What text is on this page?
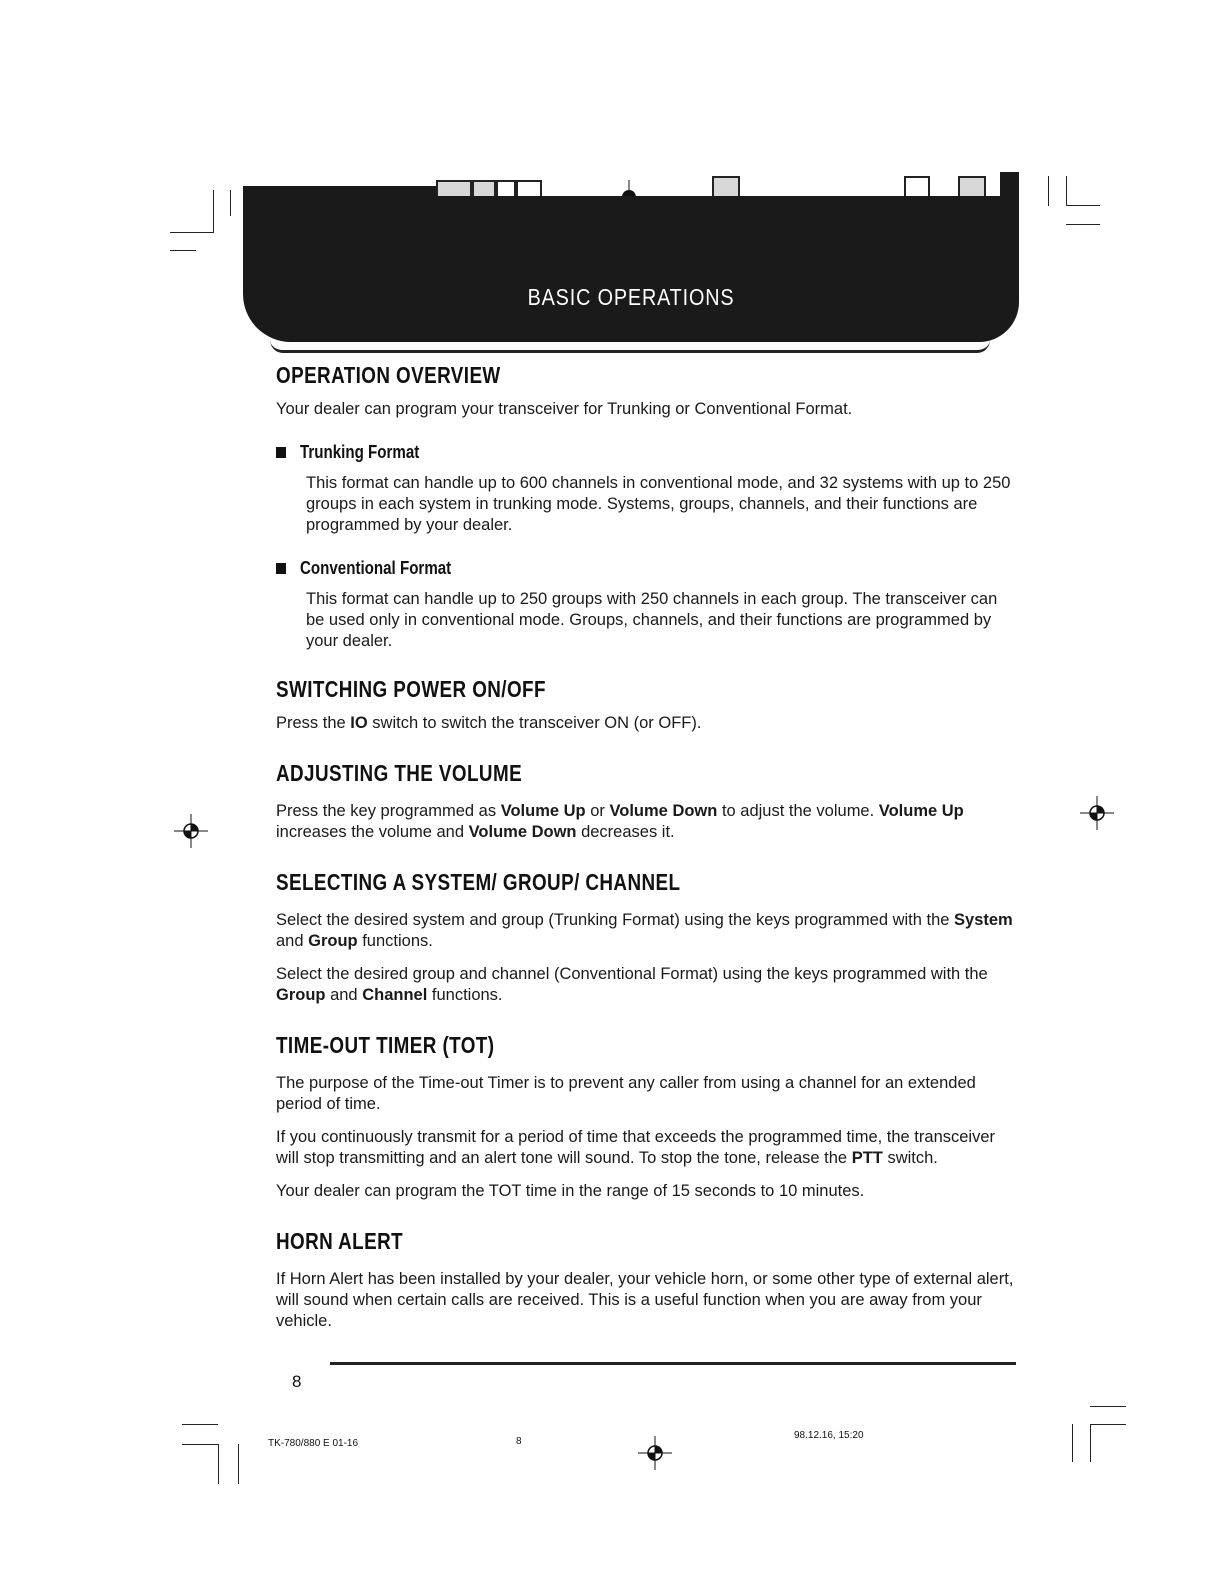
BASIC OPERATIONS
OPERATION OVERVIEW

Your dealer can program your transceiver for Trunking or Conventional Format.

Trunking Format

This format can handle up to 600 channels in conventional mode, and 32 systems with up to 250 groups in each system in trunking mode. Systems, groups, channels, and their functions are programmed by your dealer.

Conventional Format

This format can handle up to 250 groups with 250 channels in each group. The transceiver can be used only in conventional mode. Groups, channels, and their functions are programmed by your dealer.

SWITCHING POWER ON/OFF

Press the IO switch to switch the transceiver ON (or OFF).

ADJUSTING THE VOLUME

Press the key programmed as Volume Up or Volume Down to adjust the volume. Volume Up increases the volume and Volume Down decreases it.

SELECTING A SYSTEM/ GROUP/ CHANNEL

Select the desired system and group (Trunking Format) using the keys programmed with the System and Group functions.

Select the desired group and channel (Conventional Format) using the keys programmed with the Group and Channel functions.

TIME-OUT TIMER (TOT)

The purpose of the Time-out Timer is to prevent any caller from using a channel for an extended period of time.

If you continuously transmit for a period of time that exceeds the programmed time, the transceiver will stop transmitting and an alert tone will sound. To stop the tone, release the PTT switch.

Your dealer can program the TOT time in the range of 15 seconds to 10 minutes.

HORN ALERT

If Horn Alert has been installed by your dealer, your vehicle horn, or some other type of external alert, will sound when certain calls are received. This is a useful function when you are away from your vehicle.

8
TK-780/880 E 01-16	8
98.12.16, 15:20
